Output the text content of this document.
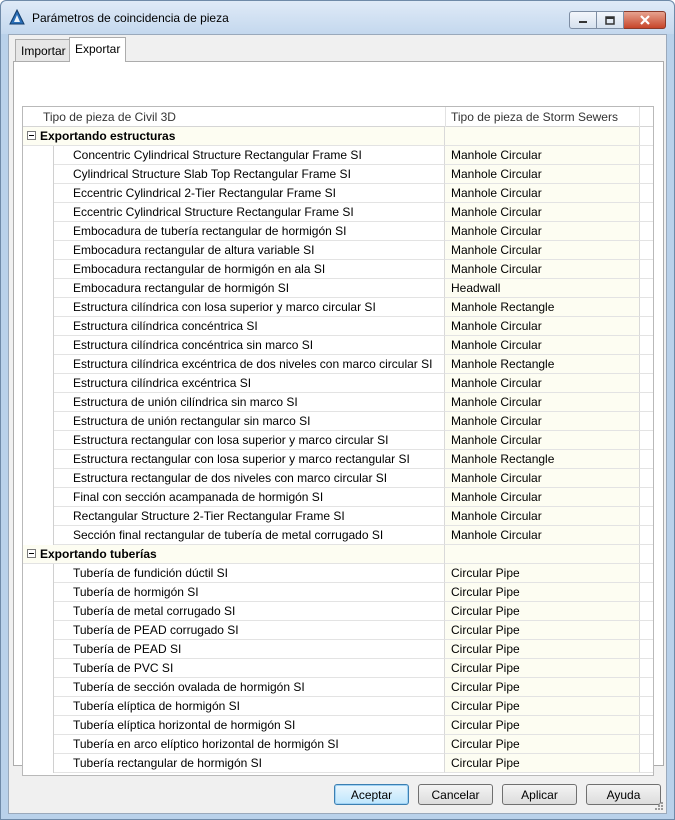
Parámetros de coincidencia de pieza
Importar Exportar
Tipo de pieza de Civil 3D	Tipo de pieza de Storm Sewers
Exportando estructuras
Concentric Cylindrical Structure Rectangular Frame SI	Manhole Circular
Cylindrical Structure Slab Top Rectangular Frame SI	Manhole Circular
Eccentric Cylindrical 2-Tier Rectangular Frame SI	Manhole Circular
Eccentric Cylindrical Structure Rectangular Frame SI	Manhole Circular
Embocadura de tubería rectangular de hormigón SI	Manhole Circular
Embocadura rectangular de altura variable SI	Manhole Circular
Embocadura rectangular de hormigón en ala SI	Manhole Circular
Embocadura rectangular de hormigón SI	Headwall
Estructura cilíndrica con losa superior y marco circular SI	Manhole Rectangle
Estructura cilíndrica concéntrica SI	Manhole Circular
Estructura cilíndrica concéntrica sin marco SI	Manhole Circular
Estructura cilíndrica excéntrica de dos niveles con marco circular SI	Manhole Rectangle
Estructura cilíndrica excéntrica SI	Manhole Circular
Estructura de unión cilíndrica sin marco SI	Manhole Circular
Estructura de unión rectangular sin marco SI	Manhole Circular
Estructura rectangular con losa superior y marco circular SI	Manhole Circular
Estructura rectangular con losa superior y marco rectangular SI	Manhole Rectangle
Estructura rectangular de dos niveles con marco circular SI	Manhole Circular
Final con sección acampanada de hormigón SI	Manhole Circular
Rectangular Structure 2-Tier Rectangular Frame SI	Manhole Circular
Sección final rectangular de tubería de metal corrugado SI	Manhole Circular
Exportando tuberías
Tubería de fundición dúctil SI	Circular Pipe
Tubería de hormigón SI	Circular Pipe
Tubería de metal corrugado SI	Circular Pipe
Tubería de PEAD corrugado SI	Circular Pipe
Tubería de PEAD SI	Circular Pipe
Tubería de PVC SI	Circular Pipe
Tubería de sección ovalada de hormigón SI	Circular Pipe
Tubería elíptica de hormigón SI	Circular Pipe
Tubería elíptica horizontal de hormigón SI	Circular Pipe
Tubería en arco elíptico horizontal de hormigón SI	Circular Pipe
Tubería rectangular de hormigón SI	Circular Pipe
Aceptar	Cancelar	Aplicar	Ayuda
